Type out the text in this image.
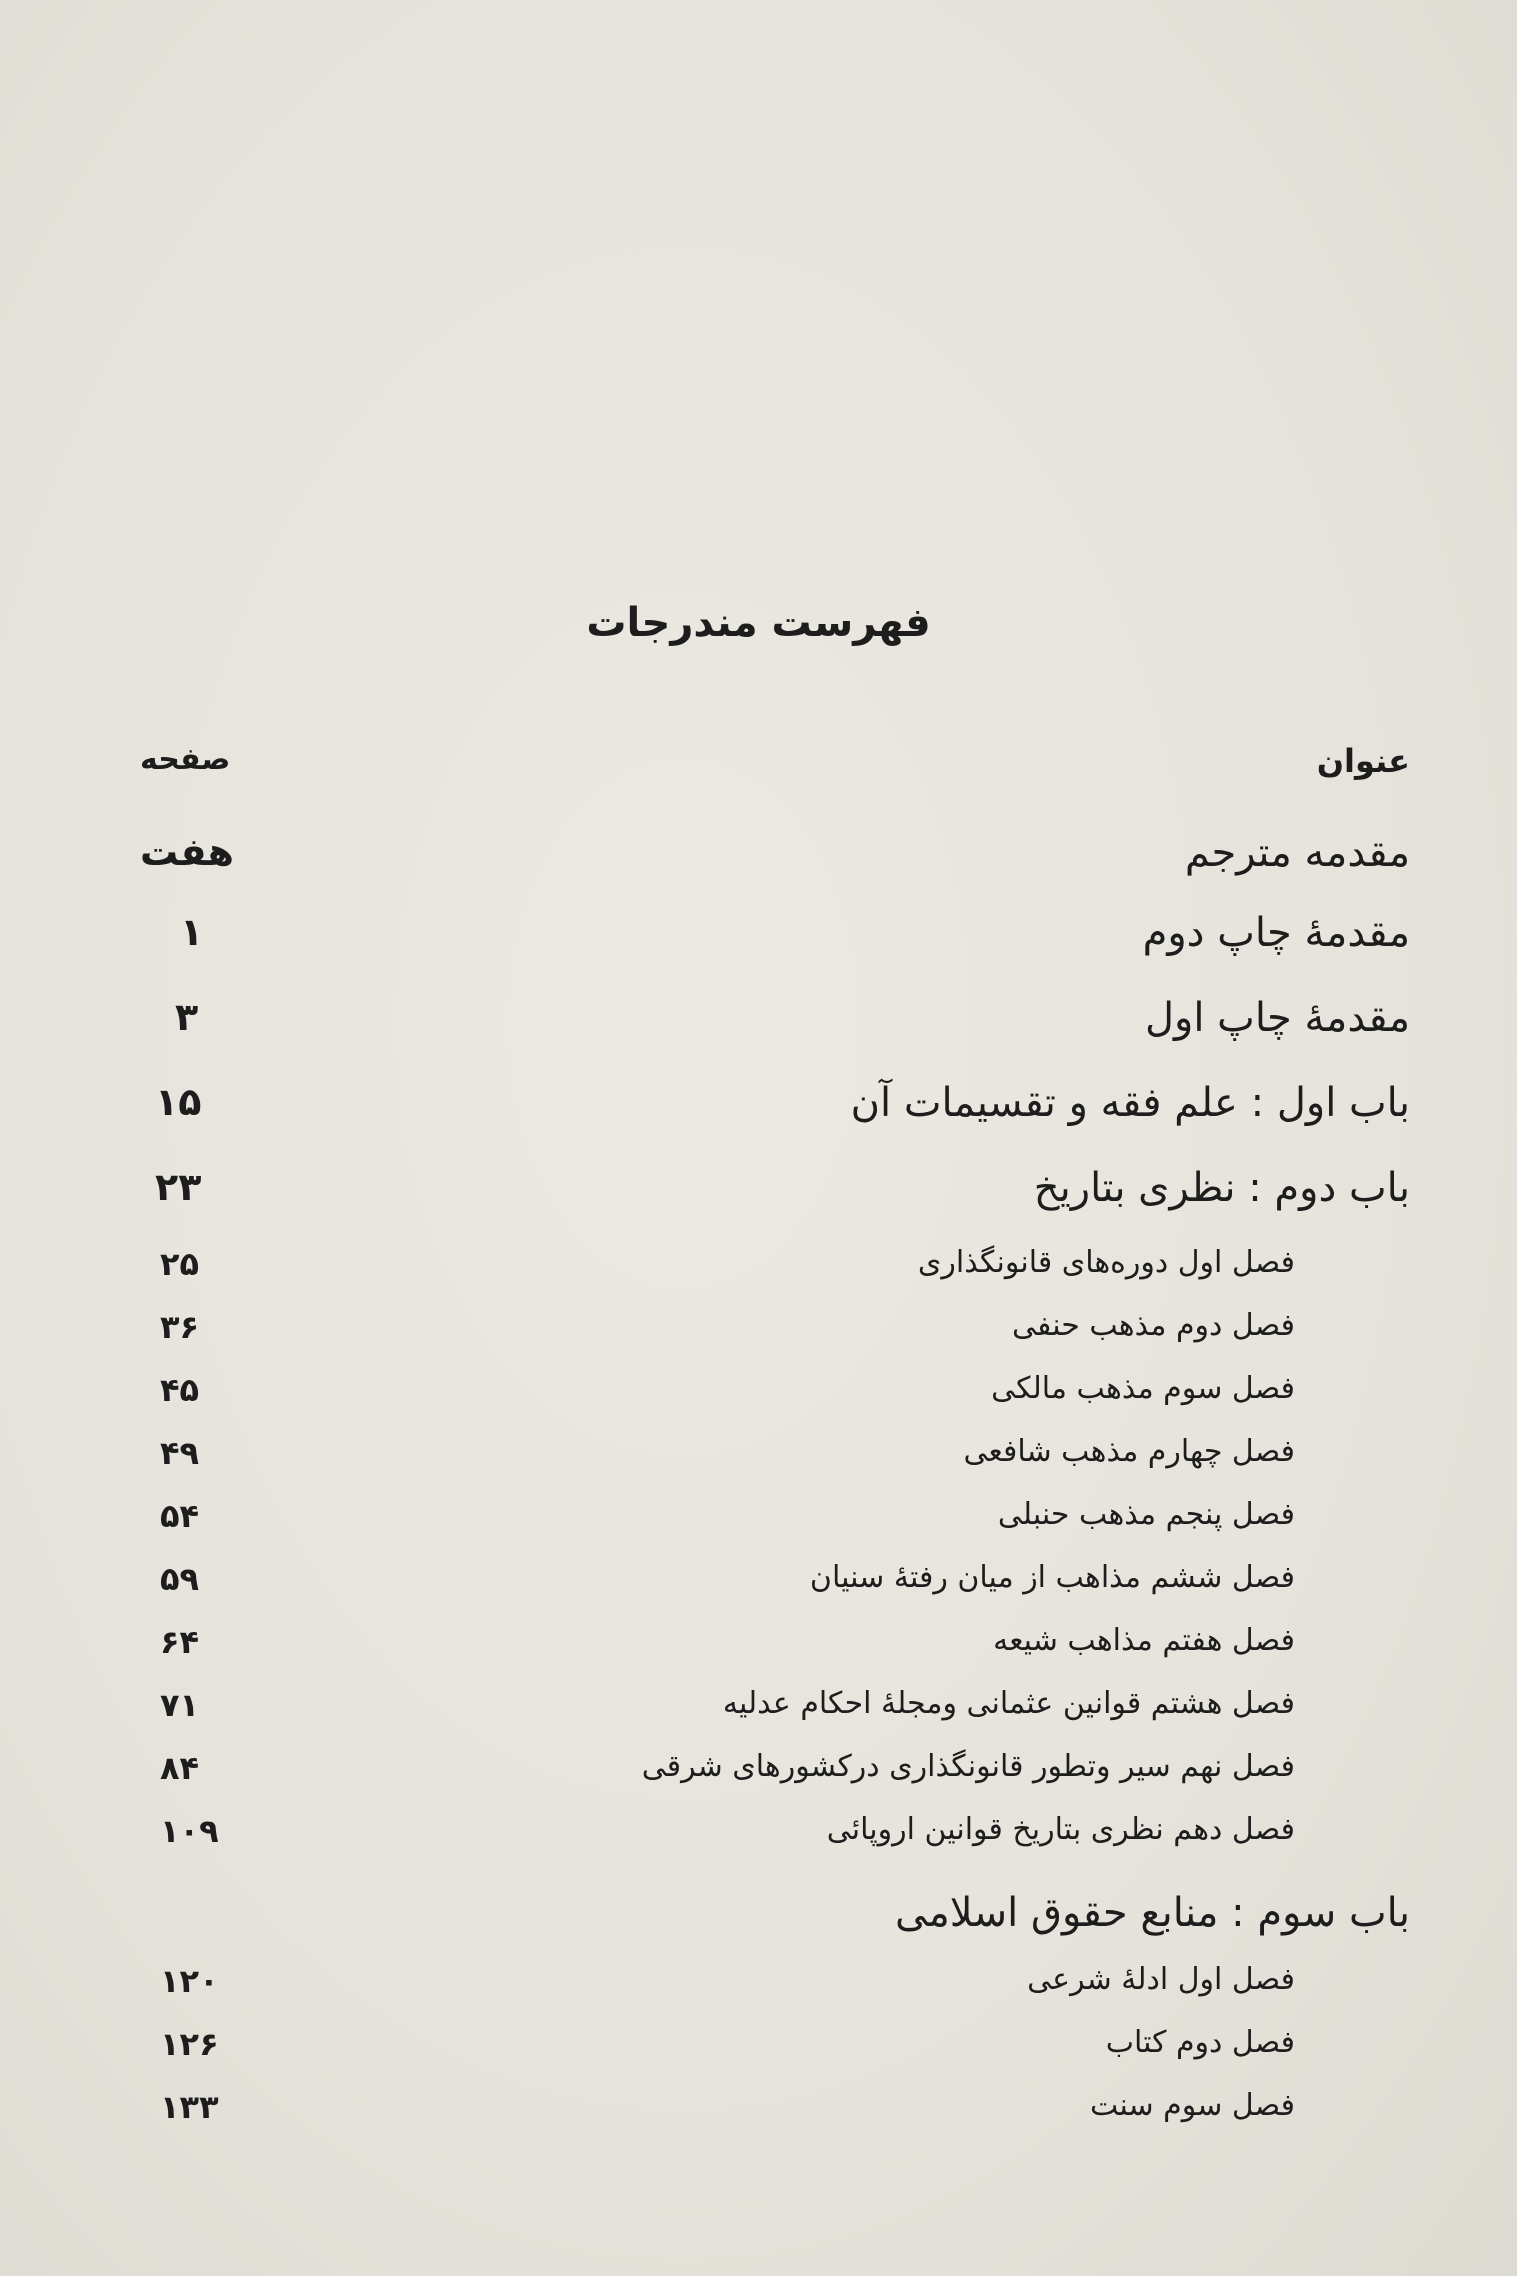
فهرست مندرجات
عنوان
صفحه
مقدمه مترجم
هفت
مقدمهٔ چاپ دوم
۱
مقدمهٔ چاپ اول
۳
باب اول : علم فقه و تقسیمات آن
۱۵
باب دوم : نظری بتاریخ
۲۳
فصل اول دوره‌های قانونگذاری
۲۵
فصل دوم مذهب حنفی
۳۶
فصل سوم مذهب مالکی
۴۵
فصل چهارم مذهب شافعی
۴۹
فصل پنجم مذهب حنبلی
۵۴
فصل ششم مذاهب از میان رفتهٔ سنیان
۵۹
فصل هفتم مذاهب شیعه
۶۴
فصل هشتم قوانین عثمانی ومجلهٔ احکام عدلیه
۷۱
فصل نهم سیر وتطور قانونگذاری درکشورهای شرقی
۸۴
فصل دهم نظری بتاریخ قوانین اروپائی
۱۰۹
باب سوم : منابع حقوق اسلامی
فصل اول ادلهٔ شرعی
۱۲۰
فصل دوم کتاب
۱۲۶
فصل سوم سنت
۱۳۳
